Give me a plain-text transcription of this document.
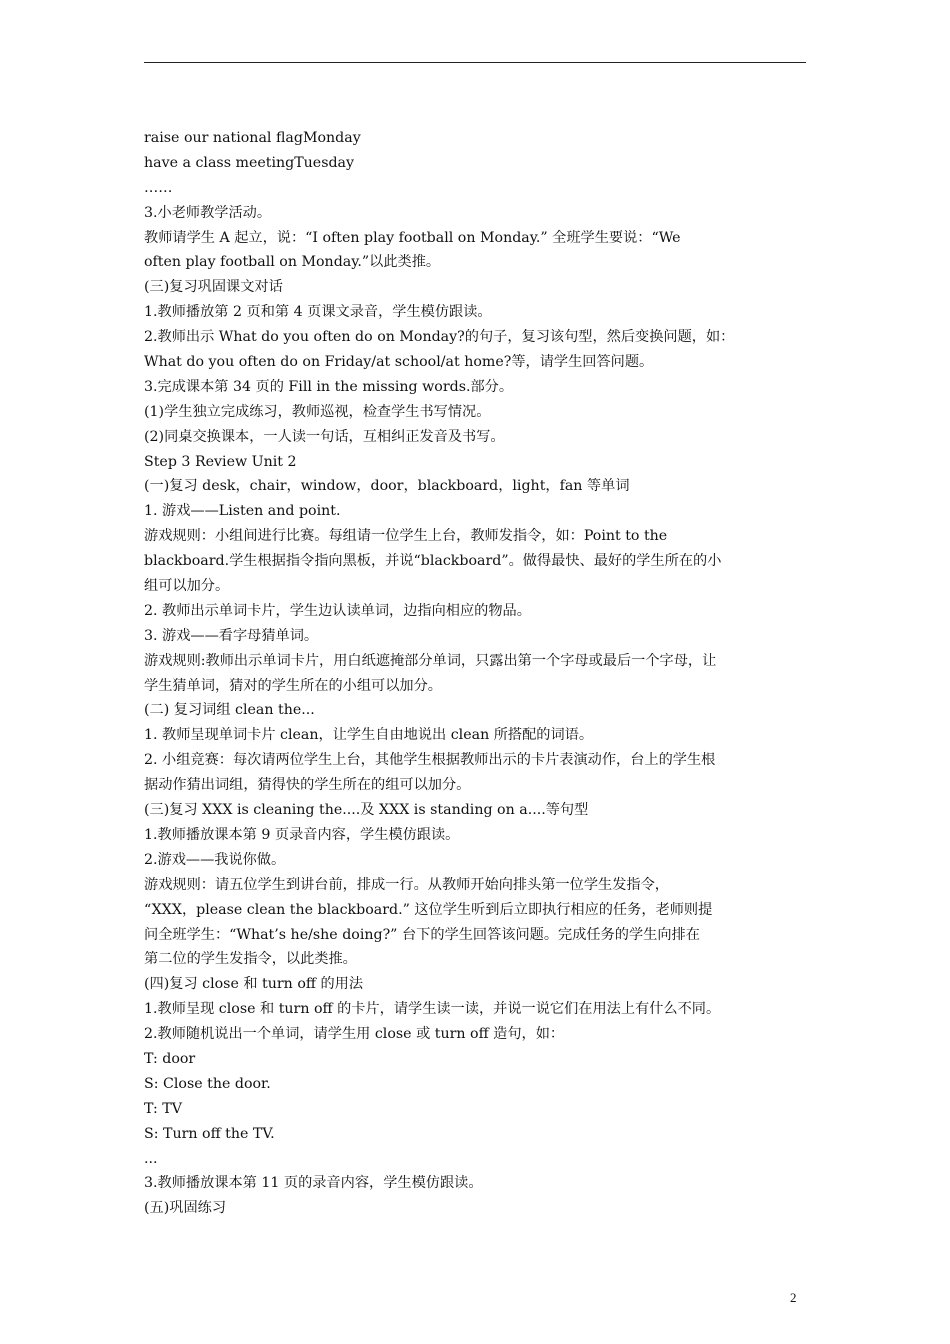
raise our national flagMonday
have a class meetingTuesday
……
3.小老师教学活动。
教师请学生 A 起立，说：“I often play football on Monday.” 全班学生要说：“We
often play football on Monday.”以此类推。
(三)复习巩固课文对话
1.教师播放第 2 页和第 4 页课文录音，学生模仿跟读。
2.教师出示 What do you often do on Monday?的句子，复习该句型，然后变换问题，如：
What do you often do on Friday/at school/at home?等，请学生回答问题。
3.完成课本第 34 页的 Fill in the missing words.部分。
(1)学生独立完成练习，教师巡视，检查学生书写情况。
(2)同桌交换课本，一人读一句话，互相纠正发音及书写。
Step 3 Review Unit 2
(一)复习 desk，chair，window，door，blackboard，light，fan 等单词
1. 游戏——Listen and point.
游戏规则：小组间进行比赛。每组请一位学生上台，教师发指令，如：Point to the
blackboard.学生根据指令指向黑板，并说“blackboard”。做得最快、最好的学生所在的小
组可以加分。
2. 教师出示单词卡片，学生边认读单词，边指向相应的物品。
3. 游戏——看字母猜单词。
游戏规则:教师出示单词卡片，用白纸遮掩部分单词，只露出第一个字母或最后一个字母，让
学生猜单词，猜对的学生所在的小组可以加分。
(二) 复习词组 clean the...
1. 教师呈现单词卡片 clean，让学生自由地说出 clean 所搭配的词语。
2. 小组竞赛：每次请两位学生上台，其他学生根据教师出示的卡片表演动作，台上的学生根
据动作猜出词组，猜得快的学生所在的组可以加分。
(三)复习 XXX is cleaning the....及 XXX is standing on a....等句型
1.教师播放课本第 9 页录音内容，学生模仿跟读。
2.游戏——我说你做。
游戏规则：请五位学生到讲台前，排成一行。从教师开始向排头第一位学生发指令，
“XXX，please clean the blackboard.” 这位学生听到后立即执行相应的任务，老师则提
问全班学生：“What’s he/she doing?” 台下的学生回答该问题。完成任务的学生向排在
第二位的学生发指令，以此类推。
(四)复习 close 和 turn off 的用法
1.教师呈现 close 和 turn off 的卡片，请学生读一读，并说一说它们在用法上有什么不同。
2.教师随机说出一个单词，请学生用 close 或 turn off 造句，如：
T: door
S: Close the door.
T: TV
S: Turn off the TV.
...
3.教师播放课本第 11 页的录音内容，学生模仿跟读。
(五)巩固练习
2
